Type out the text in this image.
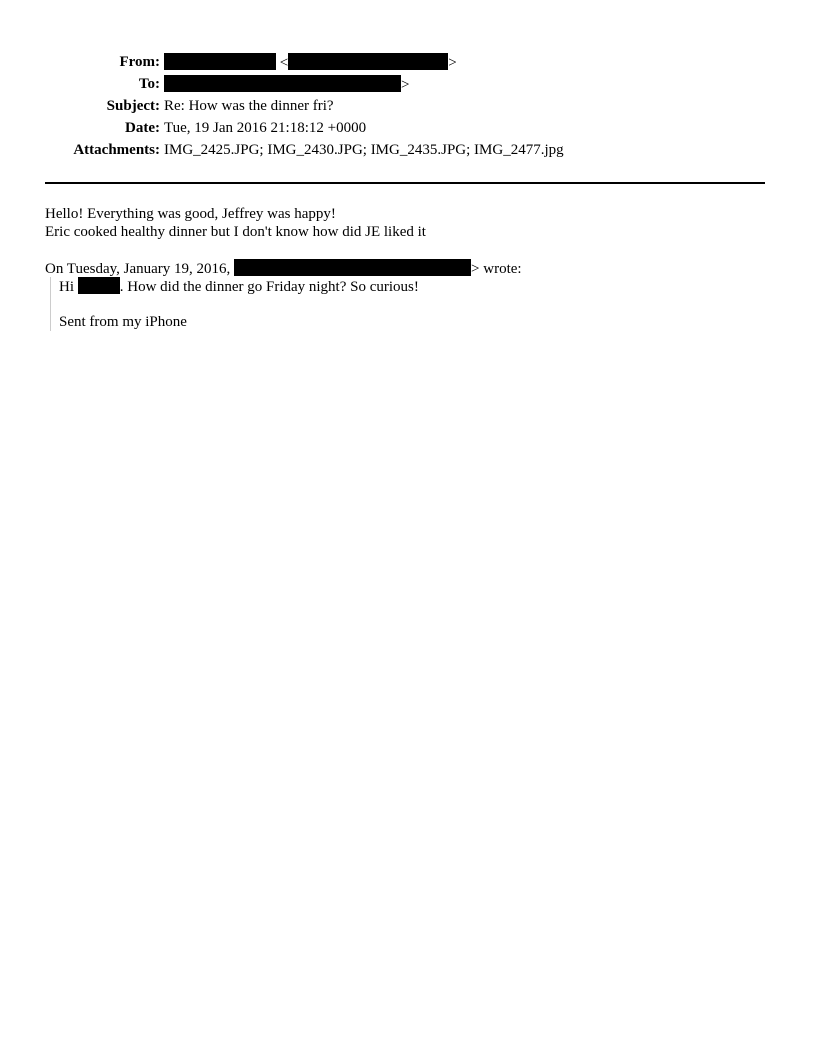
From:	<	>
To:	>
Subject: Re: How was the dinner fri?
Date: Tue, 19 Jan 2016 21:18:12 +0000
Attachments: IMG_2425.JPG; IMG_2430.JPG; IMG_2435.JPG; IMG_2477.jpg
Hello! Everything was good, Jeffrey was happy!
Eric cooked healthy dinner but I don't know how did JE liked it
On Tuesday, January 19, 2016,	> wrote:
Hi	. How did the dinner go Friday night? So curious!
Sent from my iPhone
